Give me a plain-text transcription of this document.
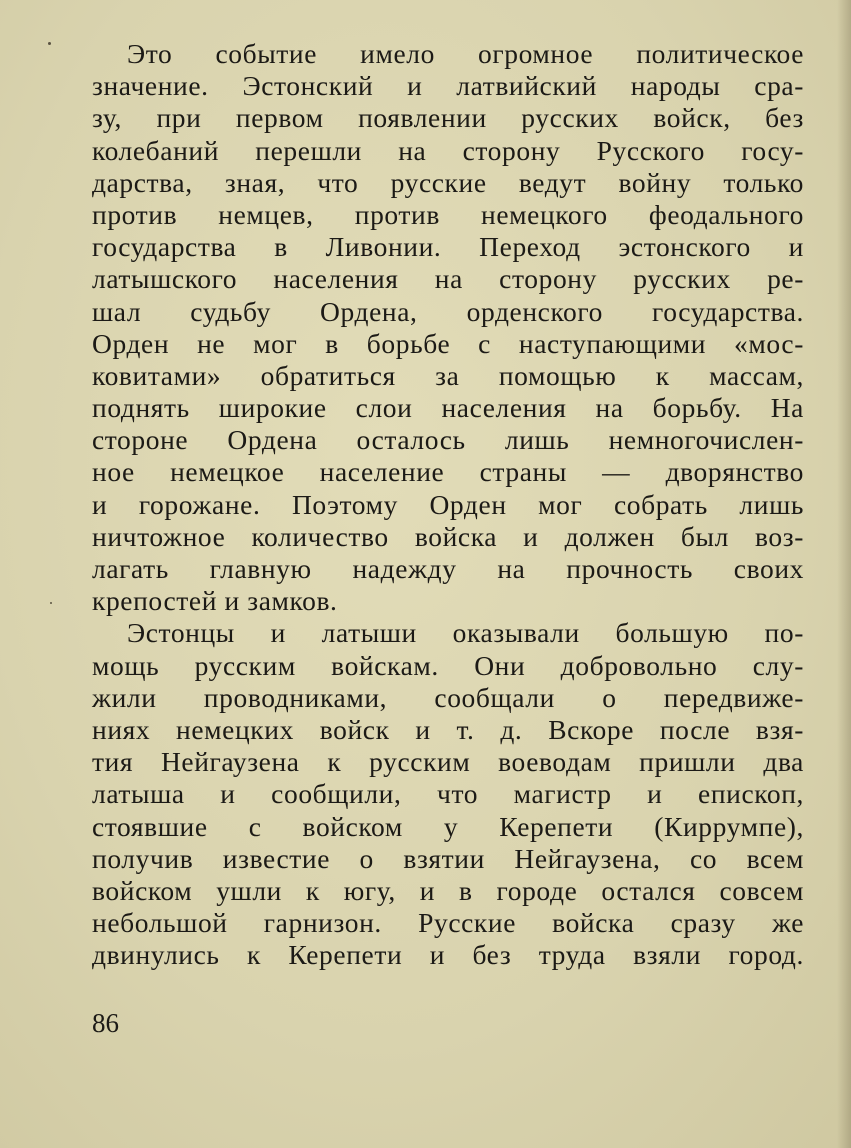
Это событие имело огромное политическое
значение. Эстонский и латвийский народы сра-
зу, при первом появлении русских войск, без
колебаний перешли на сторону Русского госу-
дарства, зная, что русские ведут войну только
против немцев, против немецкого феодального
государства в Ливонии. Переход эстонского и
латышского населения на сторону русских ре-
шал судьбу Ордена, орденского государства.
Орден не мог в борьбе с наступающими «мос-
ковитами» обратиться за помощью к массам,
поднять широкие слои населения на борьбу. На
стороне Ордена осталось лишь немногочислен-
ное немецкое население страны — дворянство
и горожане. Поэтому Орден мог собрать лишь
ничтожное количество войска и должен был воз-
лагать главную надежду на прочность своих
крепостей и замков.
Эстонцы и латыши оказывали большую по-
мощь русским войскам. Они добровольно слу-
жили проводниками, сообщали о передвиже-
ниях немецких войск и т. д. Вскоре после взя-
тия Нейгаузена к русским воеводам пришли два
латыша и сообщили, что магистр и епископ,
стоявшие с войском у Керепети (Киррумпе),
получив известие о взятии Нейгаузена, со всем
войском ушли к югу, и в городе остался совсем
небольшой гарнизон. Русские войска сразу же
двинулись к Керепети и без труда взяли город.
86
